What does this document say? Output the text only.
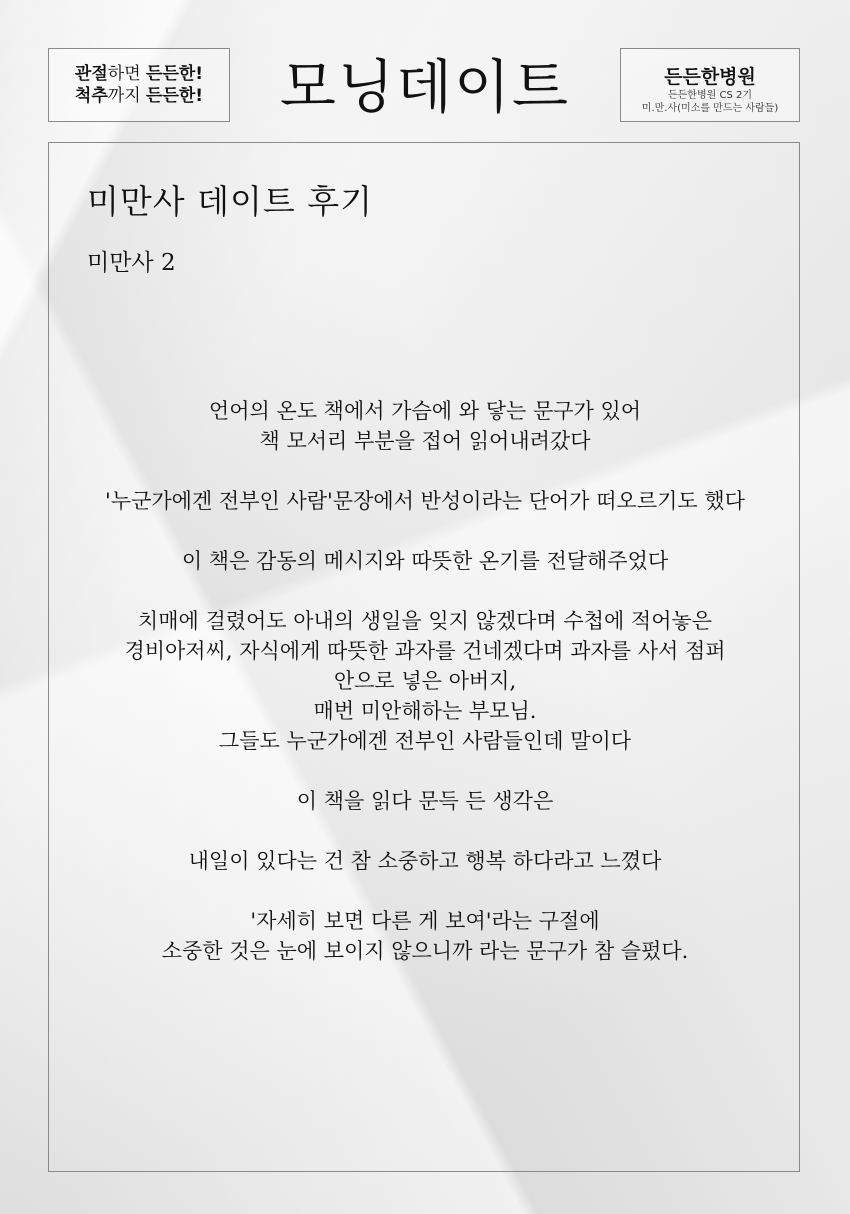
관절하면 든든한!
척추까지 든든한!	모닝데이트	든든한병원
든든한병원 CS 2기
미.만.사(미소를 만드는 사람들)
미만사 데이트 후기
미만사 2
언어의 온도 책에서 가슴에 와 닿는 문구가 있어
책 모서리 부분을 접어 읽어내려갔다
'누군가에겐 전부인 사람'문장에서 반성이라는 단어가 떠오르기도 했다
이 책은 감동의 메시지와 따뜻한 온기를 전달해주었다
치매에 걸렸어도 아내의 생일을 잊지 않겠다며 수첩에 적어놓은
경비아저씨, 자식에게 따뜻한 과자를 건네겠다며 과자를 사서 점퍼
안으로 넣은 아버지,
매번 미안해하는 부모님.
그들도 누군가에겐 전부인 사람들인데 말이다
이 책을 읽다 문득 든 생각은
내일이 있다는 건 참 소중하고 행복 하다라고 느꼈다
'자세히 보면 다른 게 보여'라는 구절에
소중한 것은 눈에 보이지 않으니까 라는 문구가 참 슬펐다.
